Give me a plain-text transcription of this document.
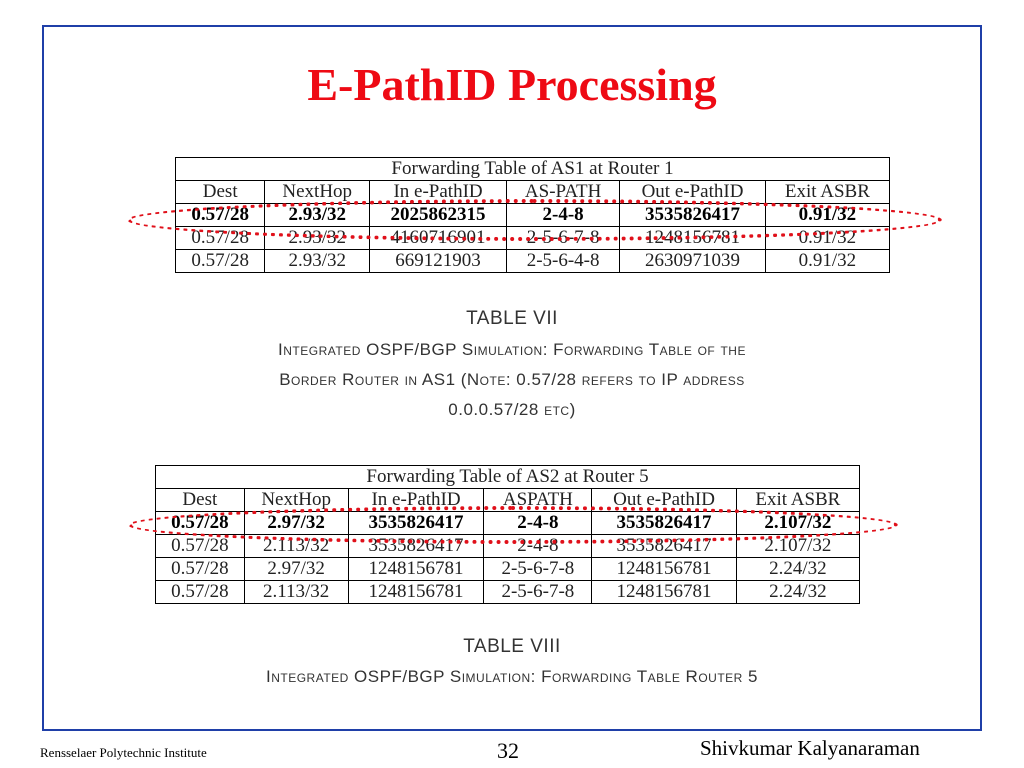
E-PathID Processing
Forwarding Table of AS1 at Router 1					
Dest	NextHop	In e-PathID	AS-PATH	Out e-PathID	Exit ASBR
0.57/28	2.93/32	2025862315	2-4-8	3535826417	0.91/32
0.57/28	2.93/32	4160716901	2-5-6-7-8	1248156781	0.91/32
0.57/28	2.93/32	669121903	2-5-6-4-8	2630971039	0.91/32
TABLE VII
Integrated OSPF/BGP Simulation: Forwarding Table of the
Border Router in AS1 (Note: 0.57/28 refers to IP address
0.0.0.57/28 etc)
Forwarding Table of AS2 at Router 5					
Dest	NextHop	In e-PathID	ASPATH	Out e-PathID	Exit ASBR
0.57/28	2.97/32	3535826417	2-4-8	3535826417	2.107/32
0.57/28	2.113/32	3535826417	2-4-8	3535826417	2.107/32
0.57/28	2.97/32	1248156781	2-5-6-7-8	1248156781	2.24/32
0.57/28	2.113/32	1248156781	2-5-6-7-8	1248156781	2.24/32
TABLE VIII
Integrated OSPF/BGP Simulation: Forwarding Table Router 5
Rensselaer Polytechnic Institute	32	Shivkumar Kalyanaraman
